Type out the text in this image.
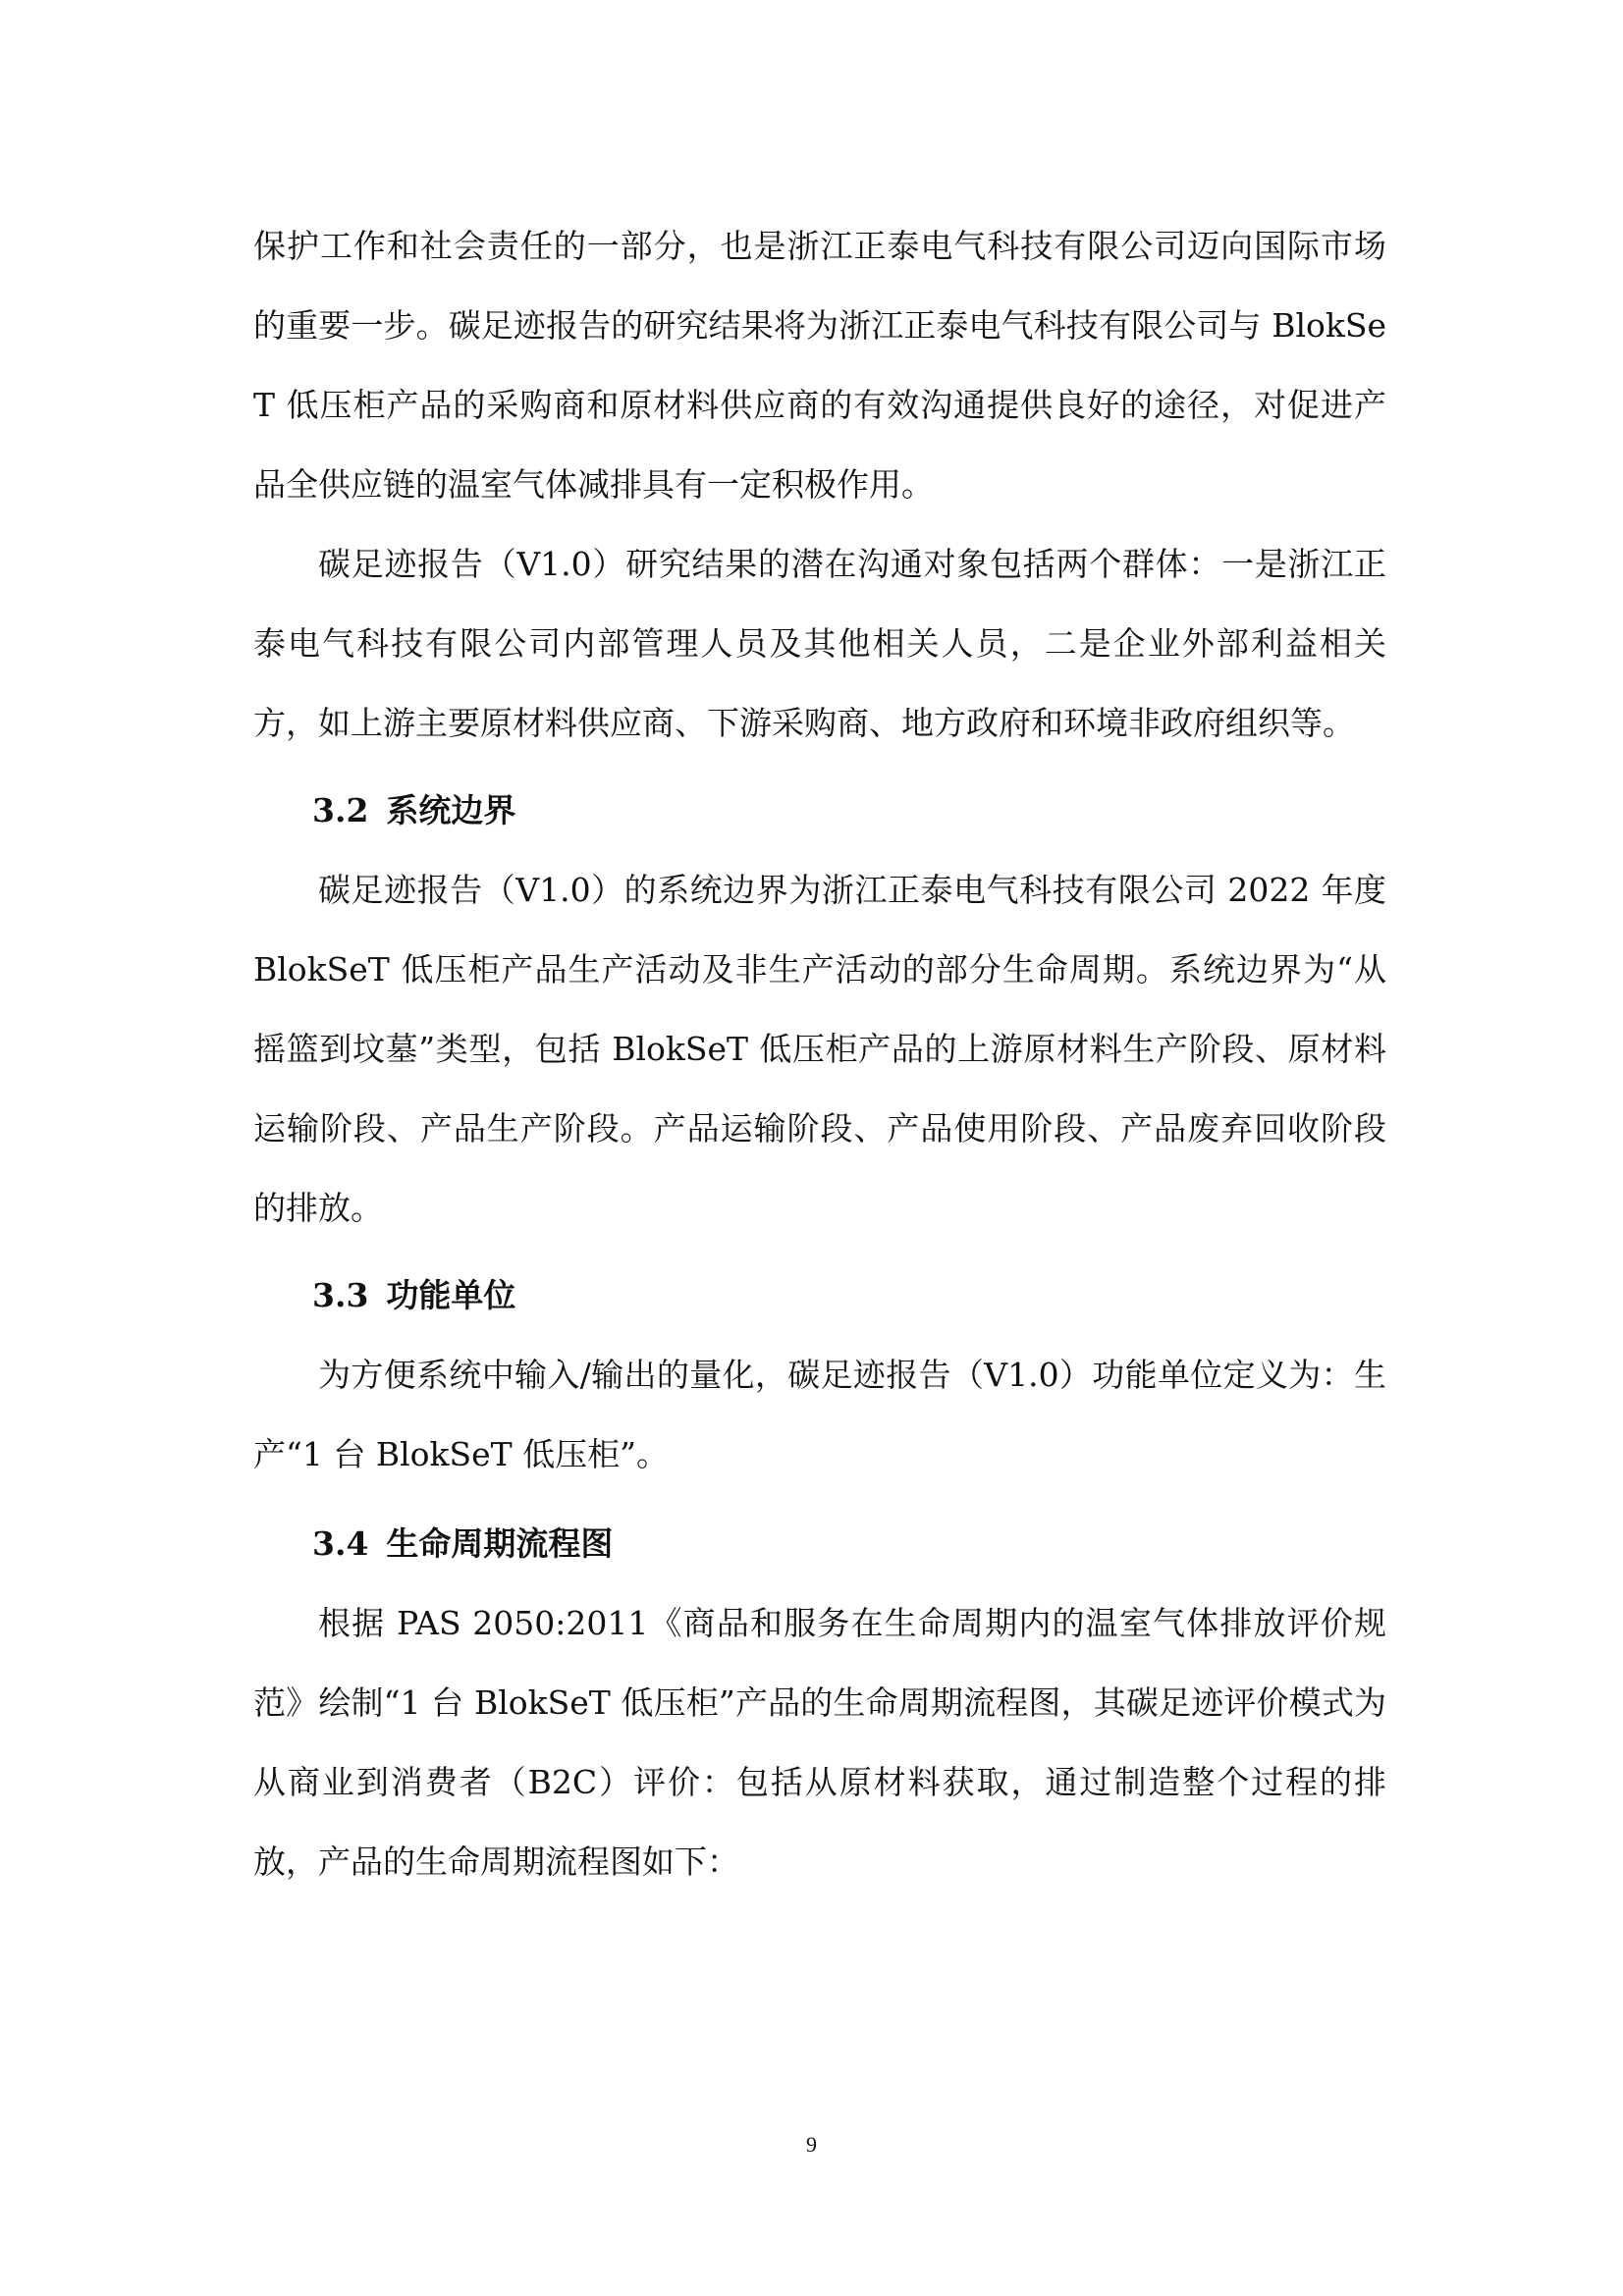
保护工作和社会责任的一部分，也是浙江正泰电气科技有限公司迈向国际市场的重要一步。碳足迹报告的研究结果将为浙江正泰电气科技有限公司与 BlokSeT 低压柜产品的采购商和原材料供应商的有效沟通提供良好的途径，对促进产品全供应链的温室气体减排具有一定积极作用。

碳足迹报告（V1.0）研究结果的潜在沟通对象包括两个群体：一是浙江正泰电气科技有限公司内部管理人员及其他相关人员，二是企业外部利益相关方，如上游主要原材料供应商、下游采购商、地方政府和环境非政府组织等。

3.2 系统边界

碳足迹报告（V1.0）的系统边界为浙江正泰电气科技有限公司 2022 年度 BlokSeT 低压柜产品生产活动及非生产活动的部分生命周期。系统边界为“从摇篮到坟墓”类型，包括 BlokSeT 低压柜产品的上游原材料生产阶段、原材料运输阶段、产品生产阶段。产品运输阶段、产品使用阶段、产品废弃回收阶段的排放。

3.3 功能单位

为方便系统中输入/输出的量化，碳足迹报告（V1.0）功能单位定义为：生产“1 台 BlokSeT 低压柜”。

3.4 生命周期流程图

根据 PAS 2050:2011《商品和服务在生命周期内的温室气体排放评价规范》绘制“1 台 BlokSeT 低压柜”产品的生命周期流程图，其碳足迹评价模式为从商业到消费者（B2C）评价：包括从原材料获取，通过制造整个过程的排放，产品的生命周期流程图如下：

9
